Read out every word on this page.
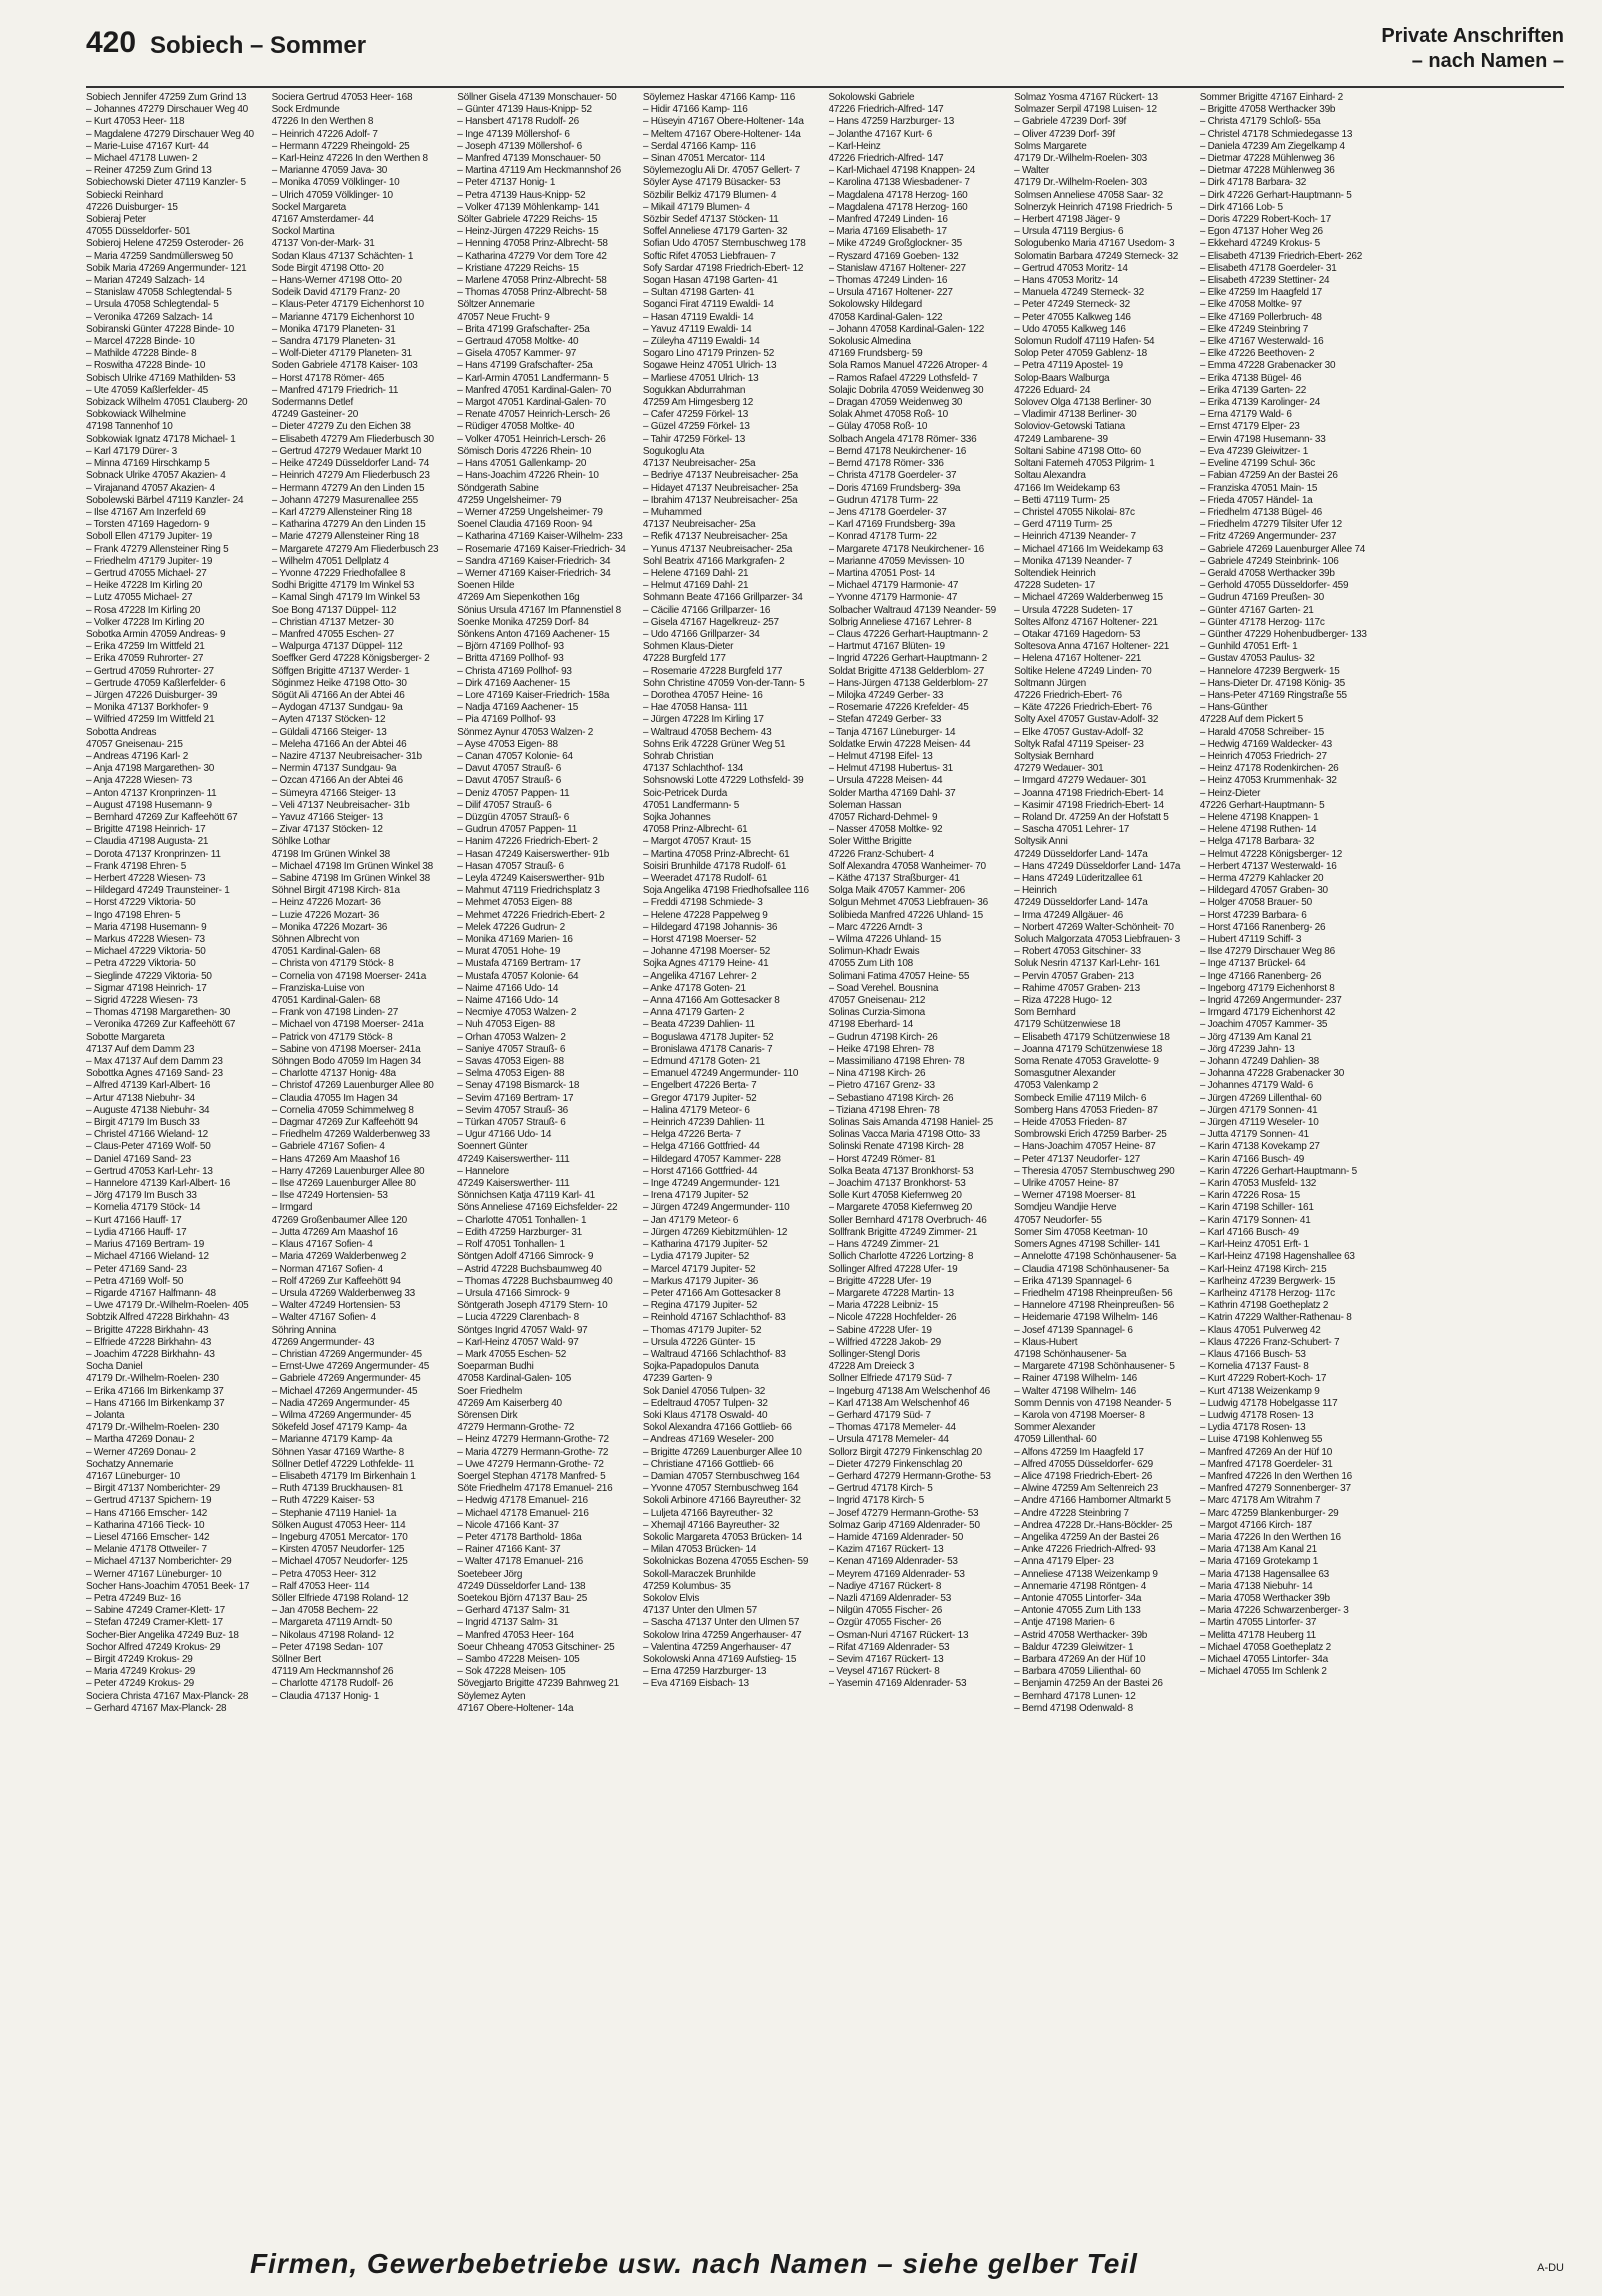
420 Sobiech – Sommer	Private Anschriften
– nach Namen –
Sobiech Jennifer 47259 Zum Grind 13
– Johannes 47279 Dirschauer Weg 40
– Kurt 47053 Heer- 118
– Magdalene 47279 Dirschauer Weg 40
– Marie-Luise 47167 Kurt- 44
– Michael 47178 Luwen- 2
– Reiner 47259 Zum Grind 13
Sobiechowski Dieter 47119 Kanzler- 5
Sobiecki Reinhard
47226 Duisburger- 15
Sobieraj Peter
47055 Düsseldorfer- 501
Sobieroj Helene 47259 Osteroder- 26
– Maria 47259 Sandmüllersweg 50
Sobik Maria 47269 Angermunder- 121
– Marian 47249 Salzach- 14
– Stanislaw 47058 Schlegtendal- 5
– Ursula 47058 Schlegtendal- 5
– Veronika 47269 Salzach- 14
Sobiranski Günter 47228 Binde- 10
– Marcel 47228 Binde- 10
– Mathilde 47228 Binde- 8
– Roswitha 47228 Binde- 10
Sobisch Ulrike 47169 Mathilden- 53
– Ute 47059 Kaßlerfelder- 45
Sobizack Wilhelm 47051 Clauberg- 20
Sobkowiack Wilhelmine
47198 Tannenhof 10
Sobkowiak Ignatz 47178 Michael- 1
– Karl 47179 Dürer- 3
– Minna 47169 Hirschkamp 5
Sobnack Ulrike 47057 Akazien- 4
– Virajanand 47057 Akazien- 4
Sobolewski Bärbel 47119 Kanzler- 24
– Ilse 47167 Am Inzerfeld 69
– Torsten 47169 Hagedorn- 9
Soboll Ellen 47179 Jupiter- 19
– Frank 47279 Allensteiner Ring 5
– Friedhelm 47179 Jupiter- 19
– Gertrud 47055 Michael- 27
– Heike 47228 Im Kirling 20
– Lutz 47055 Michael- 27
– Rosa 47228 Im Kirling 20
– Volker 47228 Im Kirling 20
Sobotka Armin 47059 Andreas- 9
– Erika 47259 Im Wittfeld 21
– Erika 47059 Ruhrorter- 27
– Gertrud 47059 Ruhrorter- 27
– Gertrude 47059 Kaßlerfelder- 6
– Jürgen 47226 Duisburger- 39
– Monika 47137 Borkhofer- 9
– Wilfried 47259 Im Wittfeld 21
Sobotta Andreas
47057 Gneisenau- 215
– Andreas 47196 Karl- 2
– Anja 47198 Margarethen- 30
– Anja 47228 Wiesen- 73
– Anton 47137 Kronprinzen- 11
– August 47198 Husemann- 9
– Bernhard 47269 Zur Kaffeehött 67
– Brigitte 47198 Heinrich- 17
– Claudia 47198 Augusta- 21
– Dorota 47137 Kronprinzen- 11
– Frank 47198 Ehren- 5
– Herbert 47228 Wiesen- 73
– Hildegard 47249 Traunsteiner- 1
– Horst 47229 Viktoria- 50
– Ingo 47198 Ehren- 5
– Maria 47198 Husemann- 9
– Markus 47228 Wiesen- 73
– Michael 47229 Viktoria- 50
– Petra 47229 Viktoria- 50
– Sieglinde 47229 Viktoria- 50
– Sigmar 47198 Heinrich- 17
– Sigrid 47228 Wiesen- 73
– Thomas 47198 Margarethen- 30
– Veronika 47269 Zur Kaffeehött 67
Sobotte Margareta
47137 Auf dem Damm 23
– Max 47137 Auf dem Damm 23
Sobottka Agnes 47169 Sand- 23
– Alfred 47139 Karl-Albert- 16
– Artur 47138 Niebuhr- 34
– Auguste 47138 Niebuhr- 34
– Birgit 47179 Im Busch 33
– Christel 47166 Wieland- 12
– Claus-Peter 47169 Wolf- 50
– Daniel 47169 Sand- 23
– Gertrud 47053 Karl-Lehr- 13
– Hannelore 47139 Karl-Albert- 16
– Jörg 47179 Im Busch 33
– Kornelia 47179 Stöck- 14
– Kurt 47166 Hauff- 17
– Lydia 47166 Hauff- 17
– Marius 47169 Bertram- 19
– Michael 47166 Wieland- 12
– Peter 47169 Sand- 23
– Petra 47169 Wolf- 50
– Rigarde 47167 Halfmann- 48
– Uwe 47179 Dr.-Wilhelm-Roelen- 405
Sobtzik Alfred 47228 Birkhahn- 43
– Brigitte 47228 Birkhahn- 43
– Elfriede 47228 Birkhahn- 43
– Joachim 47228 Birkhahn- 43
Socha Daniel
47179 Dr.-Wilhelm-Roelen- 230
– Erika 47166 Im Birkenkamp 37
– Hans 47166 Im Birkenkamp 37
– Jolanta
47179 Dr.-Wilhelm-Roelen- 230
– Martha 47269 Donau- 2
– Werner 47269 Donau- 2
Sochatzy Annemarie
47167 Lüneburger- 10
– Birgit 47137 Nomberichter- 29
– Gertrud 47137 Spichern- 19
– Hans 47166 Emscher- 142
– Katharina 47166 Tieck- 10
– Liesel 47166 Emscher- 142
– Melanie 47178 Ottweiler- 7
– Michael 47137 Nomberichter- 29
– Werner 47167 Lüneburger- 10
Socher Hans-Joachim 47051 Beek- 17
– Petra 47249 Buz- 16
– Sabine 47249 Cramer-Klett- 17
– Stefan 47249 Cramer-Klett- 17
Socher-Bier Angelika 47249 Buz- 18
Sochor Alfred 47249 Krokus- 29
– Birgit 47249 Krokus- 29
– Maria 47249 Krokus- 29
– Peter 47249 Krokus- 29
Sociera Christa 47167 Max-Planck- 28
– Gerhard 47167 Max-Planck- 28
Sociera Gertrud 47053 Heer- 168
Sock Erdmunde
47226 In den Werthen 8
– Heinrich 47226 Adolf- 7
– Hermann 47229 Rheingold- 25
– Karl-Heinz 47226 In den Werthen 8
– Marianne 47059 Java- 30
– Monika 47059 Völklinger- 10
– Ulrich 47059 Völklinger- 10
Sockel Margareta
47167 Amsterdamer- 44
Sockol Martina
47137 Von-der-Mark- 31
Sodan Klaus 47137 Schächten- 1
Sode Birgit 47198 Otto- 20
– Hans-Werner 47198 Otto- 20
Sodeik David 47179 Franz- 20
– Klaus-Peter 47179 Eichenhorst 10
– Marianne 47179 Eichenhorst 10
– Monika 47179 Planeten- 31
– Sandra 47179 Planeten- 31
– Wolf-Dieter 47179 Planeten- 31
Soden Gabriele 47178 Kaiser- 103
– Horst 47178 Römer- 465
– Manfred 47179 Friedrich- 11
Sodermanns Detlef
47249 Gasteiner- 20
– Dieter 47279 Zu den Eichen 38
– Elisabeth 47279 Am Fliederbusch 30
– Gertrud 47279 Wedauer Markt 10
– Heike 47249 Düsseldorfer Land- 74
– Heinrich 47279 Am Fliederbusch 23
– Hermann 47279 An den Linden 15
– Johann 47279 Masurenallee 255
– Karl 47279 Allensteiner Ring 18
– Katharina 47279 An den Linden 15
– Marie 47279 Allensteiner Ring 18
– Margarete 47279 Am Fliederbusch 23
– Wilhelm 47051 Dellplatz 4
– Yvonne 47229 Friedhofallee 8
Sodhi Brigitte 47179 Im Winkel 53
– Kamal Singh 47179 Im Winkel 53
Soe Bong 47137 Düppel- 112
– Christian 47137 Metzer- 30
– Manfred 47055 Eschen- 27
– Walpurga 47137 Düppel- 112
Soeffker Gerd 47228 Königsberger- 2
Söffgen Brigitte 47137 Werder- 1
Söginmez Heike 47198 Otto- 30
Sögüt Ali 47166 An der Abtei 46
– Aydogan 47137 Sundgau- 9a
– Ayten 47137 Stöcken- 12
– Güldali 47166 Steiger- 13
– Meleha 47166 An der Abtei 46
– Nazire 47137 Neubreisacher- 31b
– Nermin 47137 Sundgau- 9a
– Özcan 47166 An der Abtei 46
– Sümeyra 47166 Steiger- 13
– Veli 47137 Neubreisacher- 31b
– Yavuz 47166 Steiger- 13
– Zivar 47137 Stöcken- 12
Söhlke Lothar
47198 Im Grünen Winkel 38
– Michael 47198 Im Grünen Winkel 38
– Sabine 47198 Im Grünen Winkel 38
Söhnel Birgit 47198 Kirch- 81a
– Heinz 47226 Mozart- 36
– Luzie 47226 Mozart- 36
– Monika 47226 Mozart- 36
Söhnen Albrecht von
47051 Kardinal-Galen- 68
– Christa von 47179 Stöck- 8
– Cornelia von 47198 Moerser- 241a
– Franziska-Luise von
47051 Kardinal-Galen- 68
– Frank von 47198 Linden- 27
– Michael von 47198 Moerser- 241a
– Patrick von 47179 Stöck- 8
– Sabine von 47198 Moerser- 241a
Söhngen Bodo 47059 Im Hagen 34
– Charlotte 47137 Honig- 48a
– Christof 47269 Lauenburger Allee 80
– Claudia 47055 Im Hagen 34
– Cornelia 47059 Schimmelweg 8
– Dagmar 47269 Zur Kaffeehött 94
– Friedhelm 47269 Walderbenweg 33
– Gabriele 47167 Sofien- 4
– Hans 47269 Am Maashof 16
– Harry 47269 Lauenburger Allee 80
– Ilse 47269 Lauenburger Allee 80
– Ilse 47249 Hortensien- 53
– Irmgard
47269 Großenbaumer Allee 120
– Jutta 47269 Am Maashof 16
– Klaus 47167 Sofien- 4
– Maria 47269 Walderbenweg 2
– Norman 47167 Sofien- 4
– Rolf 47269 Zur Kaffeehött 94
– Ursula 47269 Walderbenweg 33
– Walter 47249 Hortensien- 53
– Walter 47167 Sofien- 4
Söhring Annina
47269 Angermunder- 43
– Christian 47269 Angermunder- 45
– Ernst-Uwe 47269 Angermunder- 45
– Gabriele 47269 Angermunder- 45
– Michael 47269 Angermunder- 45
– Nadia 47269 Angermunder- 45
– Wilma 47269 Angermunder- 45
Sökefeld Josef 47179 Kamp- 4a
– Marianne 47179 Kamp- 4a
Söhnen Yasar 47169 Warthe- 8
Söllner Detlef 47229 Lothfelde- 11
– Elisabeth 47179 Im Birkenhain 1
– Ruth 47139 Bruckhausen- 81
– Ruth 47229 Kaiser- 53
– Stephanie 47119 Haniel- 1a
Sölken August 47053 Heer- 114
– Ingeburg 47051 Mercator- 170
– Kirsten 47057 Neudorfer- 125
– Michael 47057 Neudorfer- 125
– Petra 47053 Heer- 312
– Ralf 47053 Heer- 114
Söller Elfriede 47198 Roland- 12
– Jan 47058 Bechem- 22
– Margareta 47119 Arndt- 50
– Nikolaus 47198 Roland- 12
– Peter 47198 Sedan- 107
Söllner Bert
47119 Am Heckmannshof 26
– Charlotte 47178 Rudolf- 26
– Claudia 47137 Honig- 1
Söllner Gisela 47139 Monschauer- 50
– Günter 47139 Haus-Knipp- 52
– Hansbert 47178 Rudolf- 26
– Inge 47139 Möllershof- 6
– Joseph 47139 Möllershof- 6
– Manfred 47139 Monschauer- 50
– Martina 47119 Am Heckmannshof 26
– Peter 47137 Honig- 1
– Petra 47139 Haus-Knipp- 52
– Volker 47139 Möhlenkamp- 141
Sölter Gabriele 47229 Reichs- 15
– Heinz-Jürgen 47229 Reichs- 15
– Henning 47058 Prinz-Albrecht- 58
– Katharina 47279 Vor dem Tore 42
– Kristiane 47229 Reichs- 15
– Marlene 47058 Prinz-Albrecht- 58
– Thomas 47058 Prinz-Albrecht- 58
Söltzer Annemarie
47057 Neue Frucht- 9
– Brita 47199 Grafschafter- 25a
– Gertraud 47058 Moltke- 40
– Gisela 47057 Kammer- 97
– Hans 47199 Grafschafter- 25a
– Karl-Armin 47051 Landfermann- 5
– Manfred 47051 Kardinal-Galen- 70
– Margot 47051 Kardinal-Galen- 70
– Renate 47057 Heinrich-Lersch- 26
– Rüdiger 47058 Moltke- 40
– Volker 47051 Heinrich-Lersch- 26
Sömisch Doris 47226 Rhein- 10
– Hans 47051 Gallenkamp- 20
– Hans-Joachim 47226 Rhein- 10
Söndgerath Sabine
47259 Ungelsheimer- 79
– Werner 47259 Ungelsheimer- 79
Soenel Claudia 47169 Roon- 94
– Katharina 47169 Kaiser-Wilhelm- 233
– Rosemarie 47169 Kaiser-Friedrich- 34
– Sandra 47169 Kaiser-Friedrich- 34
– Werner 47169 Kaiser-Friedrich- 34
Soenen Hilde
47269 Am Siepenkothen 16g
Sönius Ursula 47167 Im Pfannenstiel 8
Soenke Monika 47259 Dorf- 84
Sönkens Anton 47169 Aachener- 15
– Björn 47169 Pollhof- 93
– Britta 47169 Pollhof- 93
– Christa 47169 Pollhof- 93
– Dirk 47169 Aachener- 15
– Lore 47169 Kaiser-Friedrich- 158a
– Nadja 47169 Aachener- 15
– Pia 47169 Pollhof- 93
Sönmez Aynur 47053 Walzen- 2
– Ayse 47053 Eigen- 88
– Canan 47057 Kolonie- 64
– Davut 47057 Strauß- 6
– Davut 47057 Strauß- 6
– Deniz 47057 Pappen- 11
– Dilif 47057 Strauß- 6
– Düzgün 47057 Strauß- 6
– Gudrun 47057 Pappen- 11
– Hanim 47226 Friedrich-Ebert- 2
– Hasan 47249 Kaiserswerther- 91b
– Hasan 47057 Strauß- 6
– Leyla 47249 Kaiserswerther- 91b
– Mahmut 47119 Friedrichsplatz 3
– Mehmet 47053 Eigen- 88
– Mehmet 47226 Friedrich-Ebert- 2
– Melek 47226 Gudrun- 2
– Monika 47169 Marien- 16
– Murat 47051 Hohe- 19
– Mustafa 47169 Bertram- 17
– Mustafa 47057 Kolonie- 64
– Naime 47166 Udo- 14
– Naime 47166 Udo- 14
– Necmiye 47053 Walzen- 2
– Nuh 47053 Eigen- 88
– Orhan 47053 Walzen- 2
– Saniye 47057 Strauß- 6
– Savas 47053 Eigen- 88
– Selma 47053 Eigen- 88
– Senay 47198 Bismarck- 18
– Sevim 47169 Bertram- 17
– Sevim 47057 Strauß- 36
– Türkan 47057 Strauß- 6
– Ugur 47166 Udo- 14
Soennert Günter
47249 Kaiserswerther- 111
– Hannelore
47249 Kaiserswerther- 111
Sönnichsen Katja 47119 Karl- 41
Söns Anneliese 47169 Eichsfelder- 22
– Charlotte 47051 Tonhallen- 1
– Edith 47259 Harzburger- 31
– Rolf 47051 Tonhallen- 1
Söntgen Adolf 47166 Simrock- 9
– Astrid 47228 Buchsbaumweg 40
– Thomas 47228 Buchsbaumweg 40
– Ursula 47166 Simrock- 9
Söntgerath Joseph 47179 Stern- 10
– Lucia 47229 Clarenbach- 8
Söntges Ingrid 47057 Wald- 97
– Karl-Heinz 47057 Wald- 97
– Mark 47055 Eschen- 52
Soeparman Budhi
47058 Kardinal-Galen- 105
Soer Friedhelm
47269 Am Kaiserberg 40
Sörensen Dirk
47279 Hermann-Grothe- 72
– Heinz 47279 Hermann-Grothe- 72
– Maria 47279 Hermann-Grothe- 72
– Uwe 47279 Hermann-Grothe- 72
Soergel Stephan 47178 Manfred- 5
Söte Friedhelm 47178 Emanuel- 216
– Hedwig 47178 Emanuel- 216
– Michael 47178 Emanuel- 216
– Nicole 47166 Kant- 37
– Peter 47178 Barthold- 186a
– Rainer 47166 Kant- 37
– Walter 47178 Emanuel- 216
Soetebeer Jörg
47249 Düsseldorfer Land- 138
Soetekou Björn 47137 Bau- 25
– Gerhard 47137 Salm- 31
– Ingrid 47137 Salm- 31
– Manfred 47053 Heer- 164
Soeur Chheang 47053 Gitschiner- 25
– Sambo 47228 Meisen- 105
– Sok 47228 Meisen- 105
Sövegjarto Brigitte 47239 Bahnweg 21
Söylemez Ayten
47167 Obere-Holtener- 14a
Söylemez Haskar 47166 Kamp- 116
– Hidir 47166 Kamp- 116
– Hüseyin 47167 Obere-Holtener- 14a
– Meltem 47167 Obere-Holtener- 14a
– Serdal 47166 Kamp- 116
– Sinan 47051 Mercator- 114
Söylemezoglu Ali Dr. 47057 Gellert- 7
Söyler Ayse 47179 Büsacker- 53
Sözbilir Belkiz 47179 Blumen- 4
– Mikail 47179 Blumen- 4
Sözbir Sedef 47137 Stöcken- 11
Soffel Anneliese 47179 Garten- 32
Sofian Udo 47057 Sternbuschweg 178
Softic Rifet 47053 Liebfrauen- 7
Sofy Sardar 47198 Friedrich-Ebert- 12
Sogan Hasan 47198 Garten- 41
– Sultan 47198 Garten- 41
Soganci Firat 47119 Ewaldi- 14
– Hasan 47119 Ewaldi- 14
– Yavuz 47119 Ewaldi- 14
– Züleyha 47119 Ewaldi- 14
Sogaro Lino 47179 Prinzen- 52
Sogawe Heinz 47051 Ulrich- 13
– Marliese 47051 Ulrich- 13
Sogukkan Abdurrahman
47259 Am Himgesberg 12
– Cafer 47259 Förkel- 13
– Güzel 47259 Förkel- 13
– Tahir 47259 Förkel- 13
Sogukoglu Ata
47137 Neubreisacher- 25a
– Bedriye 47137 Neubreisacher- 25a
– Hidayet 47137 Neubreisacher- 25a
– Ibrahim 47137 Neubreisacher- 25a
– Muhammed
47137 Neubreisacher- 25a
– Refik 47137 Neubreisacher- 25a
– Yunus 47137 Neubreisacher- 25a
Sohl Beatrix 47166 Markgrafen- 2
– Helene 47169 Dahl- 21
– Helmut 47169 Dahl- 21
Sohmann Beate 47166 Grillparzer- 34
– Cäcilie 47166 Grillparzer- 16
– Gisela 47167 Hagelkreuz- 257
– Udo 47166 Grillparzer- 34
Sohmen Klaus-Dieter
47228 Burgfeld 177
– Rosemarie 47228 Burgfeld 177
Sohn Christine 47059 Von-der-Tann- 5
– Dorothea 47057 Heine- 16
– Hae 47058 Hansa- 111
– Jürgen 47228 Im Kirling 17
– Waltraud 47058 Bechem- 43
Sohns Erik 47228 Grüner Weg 51
Sohrab Christian
47137 Schlachthof- 134
Sohsnowski Lotte 47229 Lothsfeld- 39
Soic-Petricek Durda
47051 Landfermann- 5
Sojka Johannes
47058 Prinz-Albrecht- 61
– Margot 47057 Kraut- 15
– Martina 47058 Prinz-Albrecht- 61
Soisiri Brunhilde 47178 Rudolf- 61
– Weeradet 47178 Rudolf- 61
Soja Angelika 47198 Friedhofsallee 116
– Freddi 47198 Schmiede- 3
– Helene 47228 Pappelweg 9
– Hildegard 47198 Johannis- 36
– Horst 47198 Moerser- 52
– Johanne 47198 Moerser- 52
Sojka Agnes 47179 Heine- 41
– Angelika 47167 Lehrer- 2
– Anke 47178 Goten- 21
– Anna 47166 Am Gottesacker 8
– Anna 47179 Garten- 2
– Beata 47239 Dahlien- 11
– Boguslawa 47178 Jupiter- 52
– Bronislawa 47178 Canaris- 7
– Edmund 47178 Goten- 21
– Emanuel 47249 Angermunder- 110
– Engelbert 47226 Berta- 7
– Gregor 47179 Jupiter- 52
– Halina 47179 Meteor- 6
– Heinrich 47239 Dahlien- 11
– Helga 47226 Berta- 7
– Helga 47166 Gottfried- 44
– Hildegard 47057 Kammer- 228
– Horst 47166 Gottfried- 44
– Inge 47249 Angermunder- 121
– Irena 47179 Jupiter- 52
– Jürgen 47249 Angermunder- 110
– Jan 47179 Meteor- 6
– Jürgen 47269 Kiebitzmühlen- 12
– Katharina 47179 Jupiter- 52
– Lydia 47179 Jupiter- 52
– Marcel 47179 Jupiter- 52
– Markus 47179 Jupiter- 36
– Peter 47166 Am Gottesacker 8
– Regina 47179 Jupiter- 52
– Reinhold 47167 Schlachthof- 83
– Thomas 47179 Jupiter- 52
– Ursula 47226 Günter- 15
– Waltraud 47166 Schlachthof- 83
Sojka-Papadopulos Danuta
47239 Garten- 9
Sok Daniel 47056 Tulpen- 32
– Edeltraud 47057 Tulpen- 32
Soki Klaus 47178 Oswald- 40
Sokol Alexandra 47166 Gottlieb- 66
– Andreas 47169 Weseler- 200
– Brigitte 47269 Lauenburger Allee 10
– Christiane 47166 Gottlieb- 66
– Damian 47057 Sternbuschweg 164
– Yvonne 47057 Sternbuschweg 164
Sokoli Arbinore 47166 Bayreuther- 32
– Luljeta 47166 Bayreuther- 32
– Xhemajl 47166 Bayreuther- 32
Sokolic Margareta 47053 Brücken- 14
– Milan 47053 Brücken- 14
Sokolnickas Bozena 47055 Eschen- 59
Sokoll-Maraczek Brunhilde
47259 Kolumbus- 35
Sokolov Elvis
47137 Unter den Ulmen 57
– Sascha 47137 Unter den Ulmen 57
Sokolow Irina 47259 Angerhauser- 47
– Valentina 47259 Angerhauser- 47
Sokolowski Anna 47169 Aufstieg- 15
– Erna 47259 Harzburger- 13
– Eva 47169 Eisbach- 13
Sokolowski Gabriele
47226 Friedrich-Alfred- 147
– Hans 47259 Harzburger- 13
– Jolanthe 47167 Kurt- 6
– Karl-Heinz
47226 Friedrich-Alfred- 147
– Karl-Michael 47198 Knappen- 24
– Karolina 47138 Wiesbadener- 7
– Magdalena 47178 Herzog- 160
– Magdalena 47178 Herzog- 160
– Manfred 47249 Linden- 16
– Maria 47169 Elisabeth- 17
– Mike 47249 Großglockner- 35
– Ryszard 47169 Goeben- 132
– Stanislaw 47167 Holtener- 227
– Thomas 47249 Linden- 16
– Ursula 47167 Holtener- 227
Sokolowsky Hildegard
47058 Kardinal-Galen- 122
– Johann 47058 Kardinal-Galen- 122
Sokolusic Almedina
47169 Frundsberg- 59
Sola Ramos Manuel 47226 Atroper- 4
– Ramos Rafael 47229 Lothsfeld- 7
Solajic Dobrila 47059 Weidenweg 30
– Dragan 47059 Weidenweg 30
Solak Ahmet 47058 Roß- 10
– Gülay 47058 Roß- 10
Solbach Angela 47178 Römer- 336
– Bernd 47178 Neukirchener- 16
– Bernd 47178 Römer- 336
– Christa 47178 Goerdeler- 37
– Doris 47169 Frundsberg- 39a
– Gudrun 47178 Turm- 22
– Jens 47178 Goerdeler- 37
– Karl 47169 Frundsberg- 39a
– Konrad 47178 Turm- 22
– Margarete 47178 Neukirchener- 16
– Marianne 47059 Mevissen- 10
– Martina 47051 Post- 14
– Michael 47179 Harmonie- 47
– Yvonne 47179 Harmonie- 47
Solbacher Waltraud 47139 Neander- 59
Solbrig Anneliese 47167 Lehrer- 8
– Claus 47226 Gerhart-Hauptmann- 2
– Hartmut 47167 Blüten- 19
– Ingrid 47226 Gerhart-Hauptmann- 2
Soldat Brigitte 47138 Gelderblom- 27
– Hans-Jürgen 47138 Gelderblom- 27
– Milojka 47249 Gerber- 33
– Rosemarie 47226 Krefelder- 45
– Stefan 47249 Gerber- 33
– Tanja 47167 Lüneburger- 14
Soldatke Erwin 47228 Meisen- 44
– Helmut 47198 Eifel- 13
– Helmut 47198 Hubertus- 31
– Ursula 47228 Meisen- 44
Solder Martha 47169 Dahl- 37
Soleman Hassan
47057 Richard-Dehmel- 9
– Nasser 47058 Moltke- 92
Soler Witthe Brigitte
47226 Franz-Schubert- 4
Solf Alexandra 47058 Wanheimer- 70
– Käthe 47137 Straßburger- 41
Solga Maik 47057 Kammer- 206
Solgun Mehmet 47053 Liebfrauen- 36
Solibieda Manfred 47226 Uhland- 15
– Marc 47226 Arndt- 3
– Wilma 47226 Uhland- 15
Solimun-Khadr Ewais
47055 Zum Lith 108
Solimani Fatima 47057 Heine- 55
– Soad Verehel. Bousnina
47057 Gneisenau- 212
Solinas Curzia-Simona
47198 Eberhard- 14
– Gudrun 47198 Kirch- 26
– Heike 47198 Ehren- 78
– Massimiliano 47198 Ehren- 78
– Nina 47198 Kirch- 26
– Pietro 47167 Grenz- 33
– Sebastiano 47198 Kirch- 26
– Tiziana 47198 Ehren- 78
Solinas Sais Amanda 47198 Haniel- 25
Solinas Vacca Maria 47198 Otto- 33
Solinski Renate 47198 Kirch- 28
– Horst 47249 Römer- 81
Solka Beata 47137 Bronkhorst- 53
– Joachim 47137 Bronkhorst- 53
Solle Kurt 47058 Kiefernweg 20
– Margarete 47058 Kiefernweg 20
Soller Bernhard 47178 Overbruch- 46
Sollfrank Brigitte 47249 Zimmer- 21
– Hans 47249 Zimmer- 21
Sollich Charlotte 47226 Lortzing- 8
Sollinger Alfred 47228 Ufer- 19
– Brigitte 47228 Ufer- 19
– Margarete 47228 Martin- 13
– Maria 47228 Leibniz- 15
– Nicole 47228 Hochfelder- 26
– Sabine 47228 Ufer- 19
– Wilfried 47228 Jakob- 29
Sollinger-Stengl Doris
47228 Am Dreieck 3
Sollner Elfriede 47179 Süd- 7
– Ingeburg 47138 Am Welschenhof 46
– Karl 47138 Am Welschenhof 46
– Gerhard 47179 Süd- 7
– Thomas 47178 Memeler- 44
– Ursula 47178 Memeler- 44
Sollorz Birgit 47279 Finkenschlag 20
– Dieter 47279 Finkenschlag 20
– Gerhard 47279 Hermann-Grothe- 53
– Gertrud 47178 Kirch- 5
– Ingrid 47178 Kirch- 5
– Josef 47279 Hermann-Grothe- 53
Solmaz Garip 47169 Aldenrader- 50
– Hamide 47169 Aldenrader- 50
– Kazim 47167 Rückert- 13
– Kenan 47169 Aldenrader- 53
– Meyrem 47169 Aldenrader- 53
– Nadiye 47167 Rückert- 8
– Nazli 47169 Aldenrader- 53
– Nilgün 47055 Fischer- 26
– Özgür 47055 Fischer- 26
– Osman-Nuri 47167 Rückert- 13
– Rifat 47169 Aldenrader- 53
– Sevim 47167 Rückert- 13
– Veysel 47167 Rückert- 8
– Yasemin 47169 Aldenrader- 53
Solmaz Yosma 47167 Rückert- 13
Solmazer Serpil 47198 Luisen- 12
– Gabriele 47239 Dorf- 39f
– Oliver 47239 Dorf- 39f
Solms Margarete
47179 Dr.-Wilhelm-Roelen- 303
– Walter
47179 Dr.-Wilhelm-Roelen- 303
Solmsen Anneliese 47058 Saar- 32
Solnerzyk Heinrich 47198 Friedrich- 5
– Herbert 47198 Jäger- 9
– Ursula 47119 Bergius- 6
Sologubenko Maria 47167 Usedom- 3
Solomatin Barbara 47249 Sterneck- 32
– Gertrud 47053 Moritz- 14
– Hans 47053 Moritz- 14
– Manuela 47249 Sterneck- 32
– Peter 47249 Sterneck- 32
– Peter 47055 Kalkweg 146
– Udo 47055 Kalkweg 146
Solomun Rudolf 47119 Hafen- 54
Solop Peter 47059 Gablenz- 18
– Petra 47119 Apostel- 19
Solop-Baars Walburga
47226 Eduard- 24
Solovev Olga 47138 Berliner- 30
– Vladimir 47138 Berliner- 30
Soloviov-Getowski Tatiana
47249 Lambarene- 39
Soltani Sabine 47198 Otto- 60
Soltani Fatemeh 47053 Pilgrim- 1
Soltau Alexandra
47166 Im Weidekamp 63
– Betti 47119 Turm- 25
– Christel 47055 Nikolai- 87c
– Gerd 47119 Turm- 25
– Heinrich 47139 Neander- 7
– Michael 47166 Im Weidekamp 63
– Monika 47139 Neander- 7
Soltendiek Heinrich
47228 Sudeten- 17
– Michael 47269 Walderbenweg 15
– Ursula 47228 Sudeten- 17
Soltes Alfonz 47167 Holtener- 221
– Otakar 47169 Hagedorn- 53
Soltesova Anna 47167 Holtener- 221
– Helena 47167 Holtener- 221
Soltike Helene 47249 Linden- 70
Soltmann Jürgen
47226 Friedrich-Ebert- 76
– Käte 47226 Friedrich-Ebert- 76
Solty Axel 47057 Gustav-Adolf- 32
– Elke 47057 Gustav-Adolf- 32
Soltyk Rafal 47119 Speiser- 23
Soltysiak Bernhard
47279 Wedauer- 301
– Irmgard 47279 Wedauer- 301
– Joanna 47198 Friedrich-Ebert- 14
– Kasimir 47198 Friedrich-Ebert- 14
– Roland Dr. 47259 An der Hofstatt 5
– Sascha 47051 Lehrer- 17
Soltysik Anni
47249 Düsseldorfer Land- 147a
– Hans 47249 Düsseldorfer Land- 147a
– Hans 47249 Lüderitzallee 61
– Heinrich
47249 Düsseldorfer Land- 147a
– Irma 47249 Allgäuer- 46
– Norbert 47269 Walter-Schönheit- 70
Soluch Malgorzata 47053 Liebfrauen- 3
– Robert 47053 Gitschiner- 33
Soluk Nesrin 47137 Karl-Lehr- 161
– Pervin 47057 Graben- 213
– Rahime 47057 Graben- 213
– Riza 47228 Hugo- 12
Som Bernhard
47179 Schützenwiese 18
– Elisabeth 47179 Schützenwiese 18
– Joanna 47179 Schützenwiese 18
Soma Renate 47053 Gravelotte- 9
Somasgutner Alexander
47053 Valenkamp 2
Sombeck Emilie 47119 Milch- 6
Somberg Hans 47053 Frieden- 87
– Heide 47053 Frieden- 87
Sombrowski Erich 47259 Barber- 25
– Hans-Joachim 47057 Heine- 87
– Peter 47137 Neudorfer- 127
– Theresia 47057 Sternbuschweg 290
– Ulrike 47057 Heine- 87
– Werner 47198 Moerser- 81
Somdjeu Wandjie Herve
47057 Neudorfer- 55
Somer Sim 47058 Keetman- 10
Somers Agnes 47198 Schiller- 141
– Annelotte 47198 Schönhausener- 5a
– Claudia 47198 Schönhausener- 5a
– Erika 47139 Spannagel- 6
– Friedhelm 47198 Rheinpreußen- 56
– Hannelore 47198 Rheinpreußen- 56
– Heidemarie 47198 Wilhelm- 146
– Josef 47139 Spannagel- 6
– Klaus-Hubert
47198 Schönhausener- 5a
– Margarete 47198 Schönhausener- 5
– Rainer 47198 Wilhelm- 146
– Walter 47198 Wilhelm- 146
Somm Dennis von 47198 Neander- 5
– Karola von 47198 Moerser- 8
Sommer Alexander
47059 Lillenthal- 60
– Alfons 47259 Im Haagfeld 17
– Alfred 47055 Düsseldorfer- 629
– Alice 47198 Friedrich-Ebert- 26
– Alwine 47259 Am Seltenreich 23
– Andre 47166 Hamborner Altmarkt 5
– Andre 47228 Steinbring 7
– Andrea 47228 Dr.-Hans-Böckler- 25
– Angelika 47259 An der Bastei 26
– Anke 47226 Friedrich-Alfred- 93
– Anna 47179 Elper- 23
– Anneliese 47138 Weizenkamp 9
– Annemarie 47198 Röntgen- 4
– Antonie 47055 Lintorfer- 34a
– Antonie 47055 Zum Lith 133
– Antje 47198 Marien- 6
– Astrid 47058 Werthacker- 39b
– Baldur 47239 Gleiwitzer- 1
– Barbara 47269 An der Hüf 10
– Barbara 47059 Lilienthal- 60
– Benjamin 47259 An der Bastei 26
– Bernhard 47178 Lunen- 12
– Bernd 47198 Odenwald- 8
Sommer Brigitte 47167 Einhard- 2
– Brigitte 47058 Werthacker 39b
– Christa 47179 Schloß- 55a
– Christel 47178 Schmiedegasse 13
– Daniela 47239 Am Ziegelkamp 4
– Dietmar 47228 Mühlenweg 36
– Dietmar 47228 Mühlenweg 36
– Dirk 47178 Barbara- 32
– Dirk 47226 Gerhart-Hauptmann- 5
– Dirk 47166 Lob- 5
– Doris 47229 Robert-Koch- 17
– Egon 47137 Hoher Weg 26
– Ekkehard 47249 Krokus- 5
– Elisabeth 47139 Friedrich-Ebert- 262
– Elisabeth 47178 Goerdeler- 31
– Elisabeth 47239 Stettiner- 24
– Elke 47259 Im Haagfeld 17
– Elke 47058 Moltke- 97
– Elke 47169 Pollerbruch- 48
– Elke 47249 Steinbring 7
– Elke 47167 Westerwald- 16
– Elke 47226 Beethoven- 2
– Emma 47228 Grabenacker 30
– Erika 47138 Bügel- 46
– Erika 47139 Garten- 22
– Erika 47139 Karolinger- 24
– Erna 47179 Wald- 6
– Ernst 47179 Elper- 23
– Erwin 47198 Husemann- 33
– Eva 47239 Gleiwitzer- 1
– Eveline 47199 Schul- 36c
– Fabian 47259 An der Bastei 26
– Franziska 47051 Main- 15
– Frieda 47057 Händel- 1a
– Friedhelm 47138 Bügel- 46
– Friedhelm 47279 Tilsiter Ufer 12
– Fritz 47269 Angermunder- 237
– Gabriele 47269 Lauenburger Allee 74
– Gabriele 47249 Steinbrink- 106
– Gerald 47058 Werthacker 39b
– Gerhold 47055 Düsseldorfer- 459
– Gudrun 47169 Preußen- 30
– Günter 47167 Garten- 21
– Günter 47178 Herzog- 117c
– Günther 47229 Hohenbudberger- 133
– Gunhild 47051 Erft- 1
– Gustav 47053 Paulus- 32
– Hannelore 47239 Bergwerk- 15
– Hans-Dieter Dr. 47198 König- 35
– Hans-Peter 47169 Ringstraße 55
– Hans-Günther
47228 Auf dem Pickert 5
– Harald 47058 Schreiber- 15
– Hedwig 47169 Waldecker- 43
– Heinrich 47053 Friedrich- 27
– Heinz 47178 Rodenkirchen- 26
– Heinz 47053 Krummenhak- 32
– Heinz-Dieter
47226 Gerhart-Hauptmann- 5
– Helene 47198 Knappen- 1
– Helene 47198 Ruthen- 14
– Helga 47178 Barbara- 32
– Helmut 47228 Königsberger- 12
– Herbert 47137 Westerwald- 16
– Herma 47279 Kahlacker 20
– Hildegard 47057 Graben- 30
– Holger 47058 Brauer- 50
– Horst 47239 Barbara- 6
– Horst 47166 Ranenberg- 26
– Hubert 47119 Schiff- 3
– Ilse 47279 Dirschauer Weg 86
– Inge 47137 Brückel- 64
– Inge 47166 Ranenberg- 26
– Ingeborg 47179 Eichenhorst 8
– Ingrid 47269 Angermunder- 237
– Irmgard 47179 Eichenhorst 42
– Joachim 47057 Kammer- 35
– Jörg 47139 Am Kanal 21
– Jörg 47239 Jahn- 13
– Johann 47249 Dahlien- 38
– Johanna 47228 Grabenacker 30
– Johannes 47179 Wald- 6
– Jürgen 47269 Lillenthal- 60
– Jürgen 47179 Sonnen- 41
– Jürgen 47119 Weseler- 10
– Jutta 47179 Sonnen- 41
– Karin 47138 Kovekamp 27
– Karin 47166 Busch- 49
– Karin 47226 Gerhart-Hauptmann- 5
– Karin 47053 Musfeld- 132
– Karin 47226 Rosa- 15
– Karin 47198 Schiller- 161
– Karin 47179 Sonnen- 41
– Karl 47166 Busch- 49
– Karl-Heinz 47051 Erft- 1
– Karl-Heinz 47198 Hagenshallee 63
– Karl-Heinz 47198 Kirch- 215
– Karlheinz 47239 Bergwerk- 15
– Karlheinz 47178 Herzog- 117c
– Kathrin 47198 Goetheplatz 2
– Katrin 47229 Walther-Rathenau- 8
– Klaus 47051 Pulverweg 42
– Klaus 47226 Franz-Schubert- 7
– Klaus 47166 Busch- 53
– Kornelia 47137 Faust- 8
– Kurt 47229 Robert-Koch- 17
– Kurt 47138 Weizenkamp 9
– Ludwig 47178 Hobelgasse 117
– Ludwig 47178 Rosen- 13
– Lydia 47178 Rosen- 13
– Luise 47198 Kohlenweg 55
– Manfred 47269 An der Hüf 10
– Manfred 47178 Goerdeler- 31
– Manfred 47226 In den Werthen 16
– Manfred 47279 Sonnenberger- 37
– Marc 47178 Am Witrahm 7
– Marc 47259 Blankenburger- 29
– Margot 47166 Kirch- 187
– Maria 47226 In den Werthen 16
– Maria 47138 Am Kanal 21
– Maria 47169 Grotekamp 1
– Maria 47138 Hagensallee 63
– Maria 47138 Niebuhr- 14
– Maria 47058 Werthacker 39b
– Maria 47226 Schwarzenberger- 3
– Martin 47055 Lintorfer- 37
– Melitta 47178 Heuberg 11
– Michael 47058 Goetheplatz 2
– Michael 47055 Lintorfer- 34a
– Michael 47055 Im Schlenk 2
Firmen, Gewerbebetriebe usw. nach Namen – siehe gelber Teil	A-DU
